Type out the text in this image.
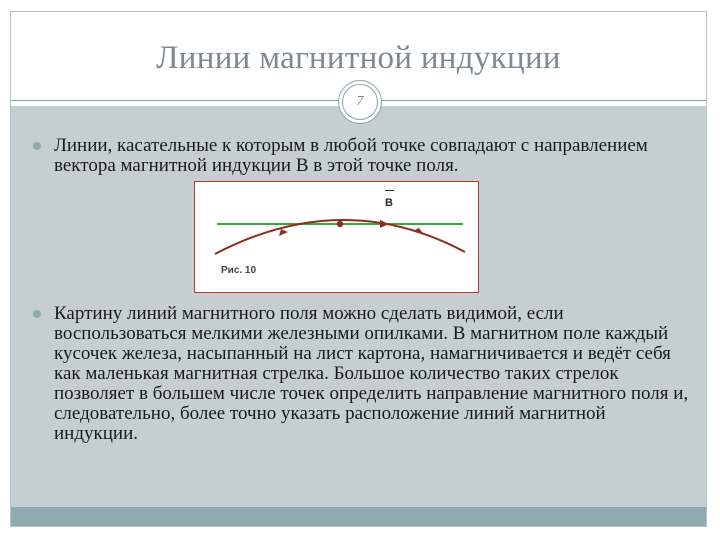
Линии магнитной индукции
7
Линии, касательные к которым в любой точке совпадают с направлением вектора магнитной индукции В в этой точке поля.
B
Рис. 10
Картину линий магнитного поля можно сделать видимой, если воспользоваться мелкими железными опилками. В магнитном поле каждый кусочек железа, насыпанный на лист картона, намагничивается и ведёт себя как маленькая магнитная стрелка. Большое количество таких стрелок позволяет в большем числе точек определить направление магнитного поля и, следовательно, более точно указать расположение линий магнитной индукции.
